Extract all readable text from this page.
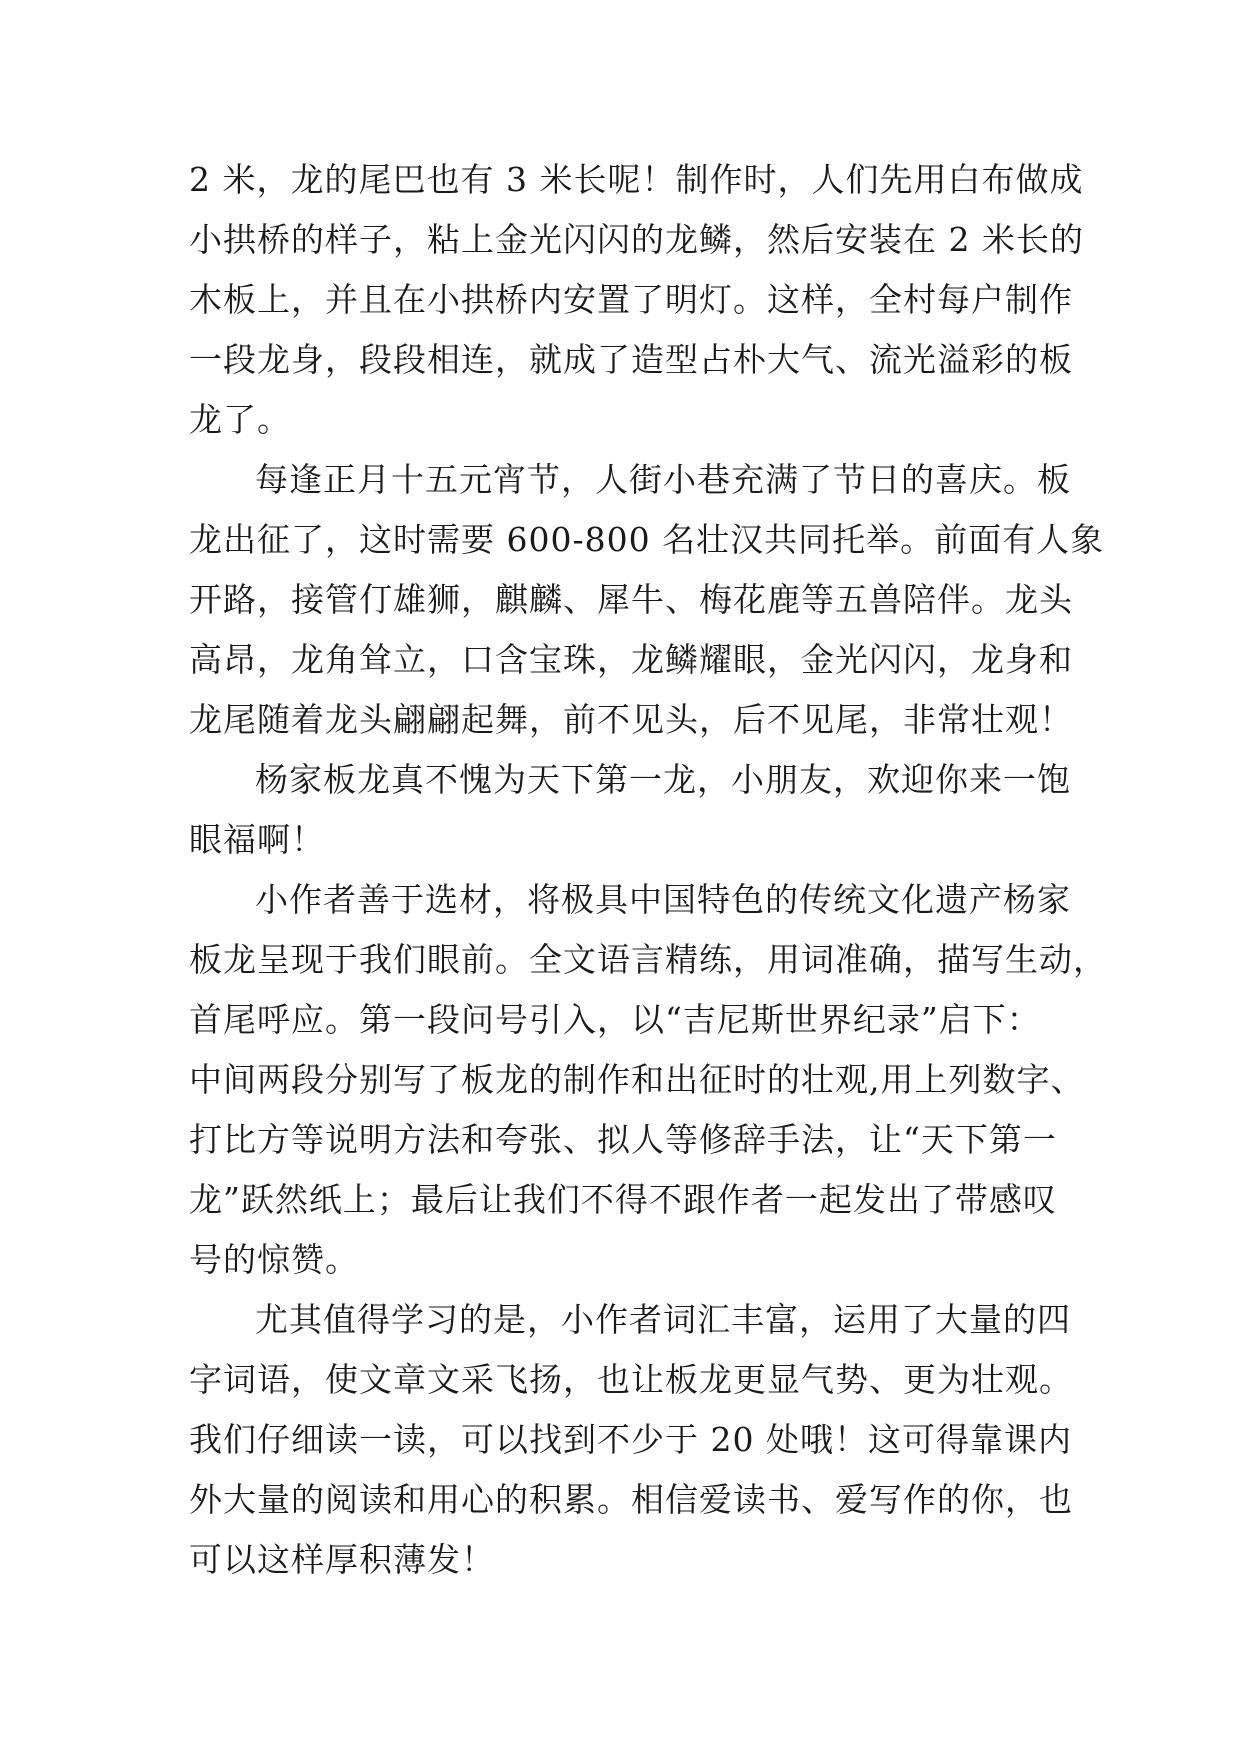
2 米，龙的尾巴也有 3 米长呢！制作时，人们先用白布做成
小拱桥的样子，粘上金光闪闪的龙鳞，然后安装在 2 米长的
木板上，并且在小拱桥内安置了明灯。这样，全村每户制作
一段龙身，段段相连，就成了造型占朴大气、流光溢彩的板
龙了。
每逢正月十五元宵节，人街小巷充满了节日的喜庆。板
龙出征了，这时需要 600-800 名壮汉共同托举。前面有人象
开路，接管仃雄狮，麒麟、犀牛、梅花鹿等五兽陪伴。龙头
高昂，龙角耸立，口含宝珠，龙鳞耀眼，金光闪闪，龙身和
龙尾随着龙头翩翩起舞，前不见头，后不见尾，非常壮观！
杨家板龙真不愧为天下第一龙，小朋友，欢迎你来一饱
眼福啊！
小作者善于选材，将极具中国特色的传统文化遗产杨家
板龙呈现于我们眼前。全文语言精练，用词准确，描写生动，
首尾呼应。第一段问号引入，以“吉尼斯世界纪录”启下：
中间两段分别写了板龙的制作和出征时的壮观,用上列数字、
打比方等说明方法和夸张、拟人等修辞手法，让“天下第一
龙”跃然纸上；最后让我们不得不跟作者一起发出了带感叹
号的惊赞。
尤其值得学习的是，小作者词汇丰富，运用了大量的四
字词语，使文章文采飞扬，也让板龙更显气势、更为壮观。
我们仔细读一读，可以找到不少于 20 处哦！这可得靠课内
外大量的阅读和用心的积累。相信爱读书、爱写作的你，也
可以这样厚积薄发！
